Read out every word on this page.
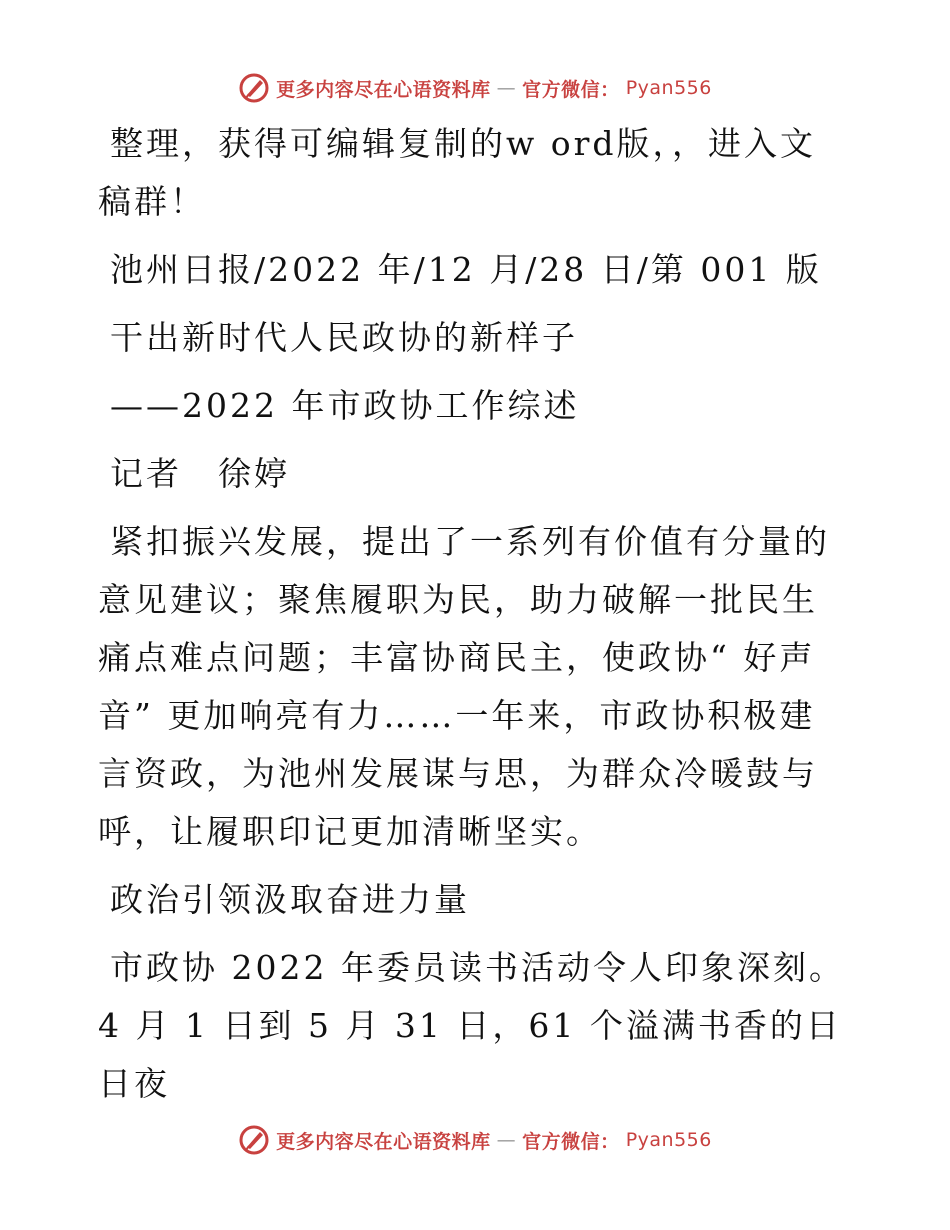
更多内容尽在心语资料库 — 官方微信： Pyan556

整理，获得可编辑复制的w ord版，，进入文稿群！

池州日报/2022 年/12 月/28 日/第 001 版

干出新时代人民政协的新样子

——2022 年市政协工作综述

记者　徐婷

紧扣振兴发展，提出了一系列有价值有分量的意见建议；聚焦履职为民，助力破解一批民生痛点难点问题；丰富协商民主，使政协“ 好声音” 更加响亮有力……一年来，市政协积极建言资政，为池州发展谋与思，为群众冷暖鼓与呼，让履职印记更加清晰坚实。

政治引领汲取奋进力量

市政协 2022 年委员读书活动令人印象深刻。4 月 1 日到 5 月 31 日，61 个溢满书香的日日夜

更多内容尽在心语资料库 — 官方微信： Pyan556
